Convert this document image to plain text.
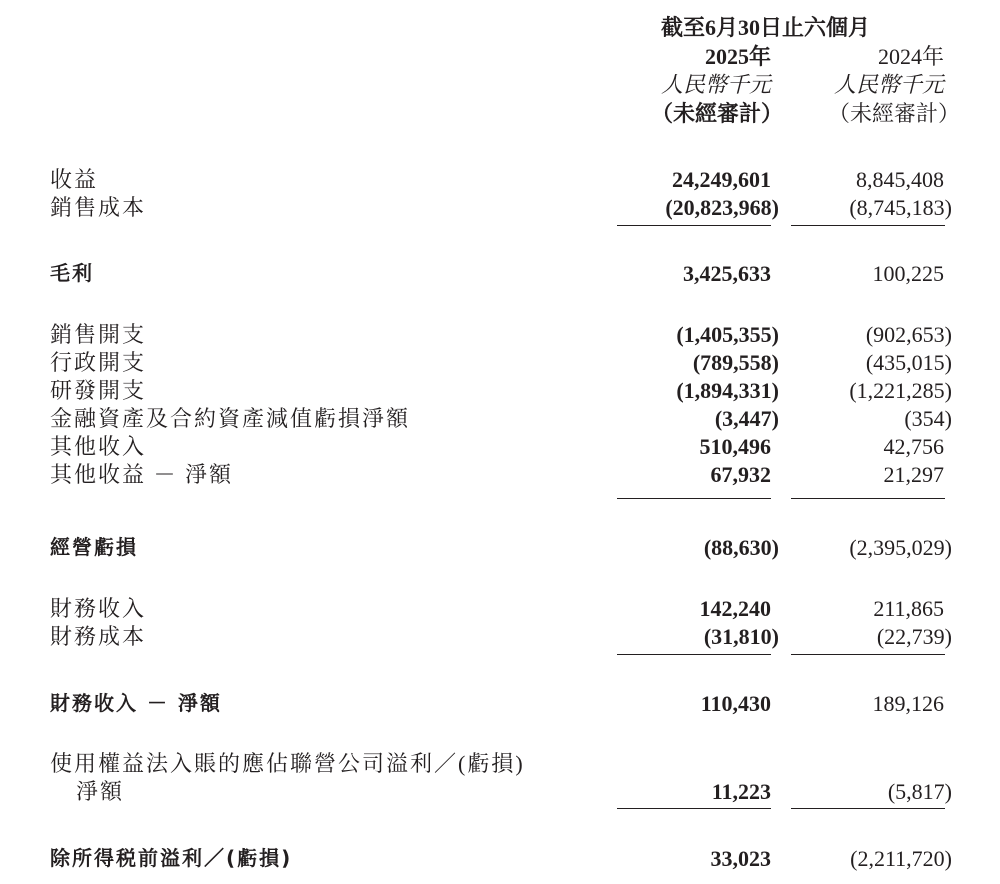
截至6月30日止六個月
2025年	2024年
人民幣千元	人民幣千元
（未經審計） （未經審計）
收益	24,249,601	8,845,408
銷售成本	(20,823,968)	(8,745,183)
毛利	3,425,633	100,225
銷售開支	(1,405,355)	(902,653)
行政開支	(789,558)	(435,015)
研發開支	(1,894,331)	(1,221,285)
金融資產及合約資產減值虧損淨額	(3,447)	(354)
其他收入	510,496	42,756
其他收益 － 淨額	67,932	21,297
經營虧損	(88,630)	(2,395,029)
財務收入	142,240	211,865
財務成本	(31,810)	(22,739)
財務收入 － 淨額	110,430	189,126
使用權益法入賬的應佔聯營公司溢利／(虧損)
淨額	11,223	(5,817)
除所得税前溢利／(虧損)	33,023	(2,211,720)
